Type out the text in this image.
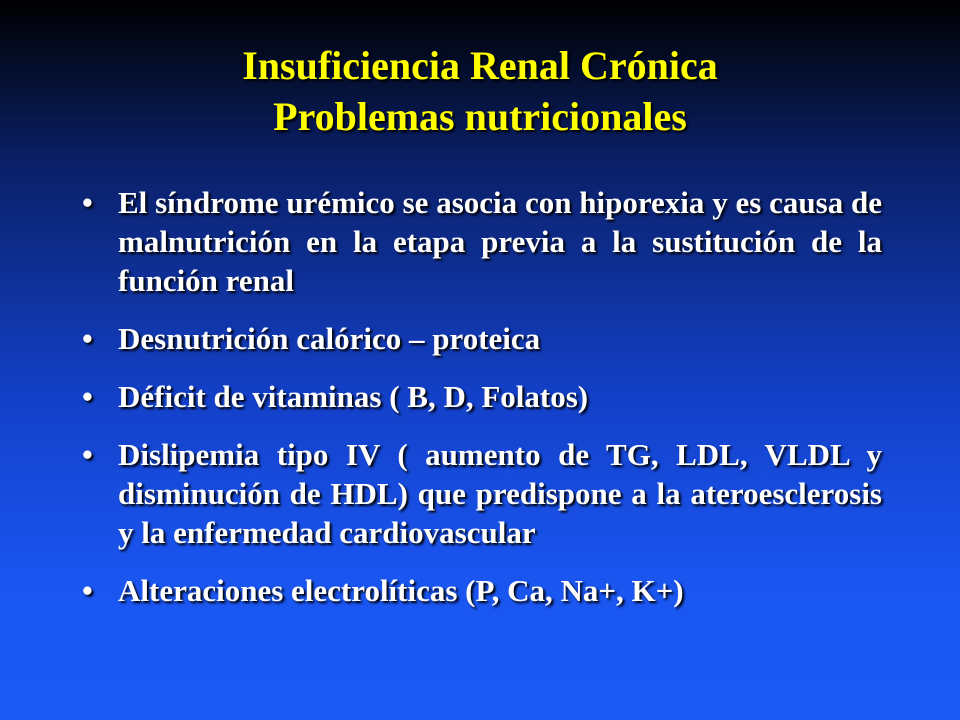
Insuficiencia Renal Crónica
Problemas nutricionales
• El síndrome urémico se asocia con hiporexia y es causa de malnutrición en la etapa previa a la sustitución de la función renal
• Desnutrición calórico – proteica
• Déficit de vitaminas ( B, D, Folatos)
• Dislipemia tipo IV ( aumento de TG, LDL, VLDL y disminución de HDL) que predispone a la ateroesclerosis y la enfermedad cardiovascular
• Alteraciones electrolíticas (P, Ca, Na+, K+)
